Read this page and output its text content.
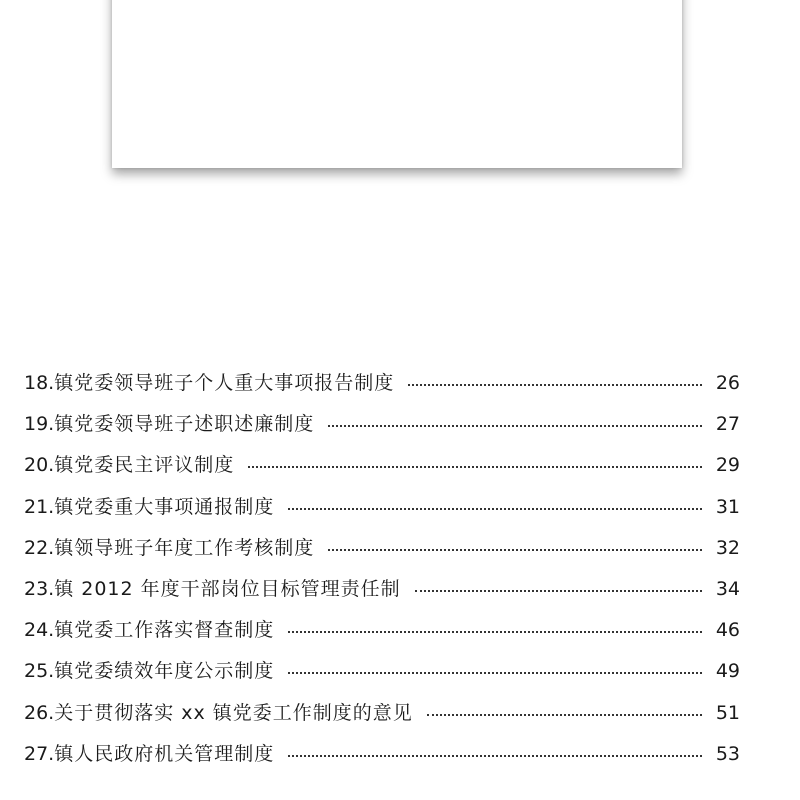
18. 镇党委领导班子个人重大事项报告制度	26
19. 镇党委领导班子述职述廉制度	27
20. 镇党委民主评议制度	29
21. 镇党委重大事项通报制度	31
22. 镇领导班子年度工作考核制度	32
23. 镇 2012 年度干部岗位目标管理责任制	34
24. 镇党委工作落实督查制度	46
25. 镇党委绩效年度公示制度	49
26. 关于贯彻落实 xx 镇党委工作制度的意见	51
27. 镇人民政府机关管理制度	53
